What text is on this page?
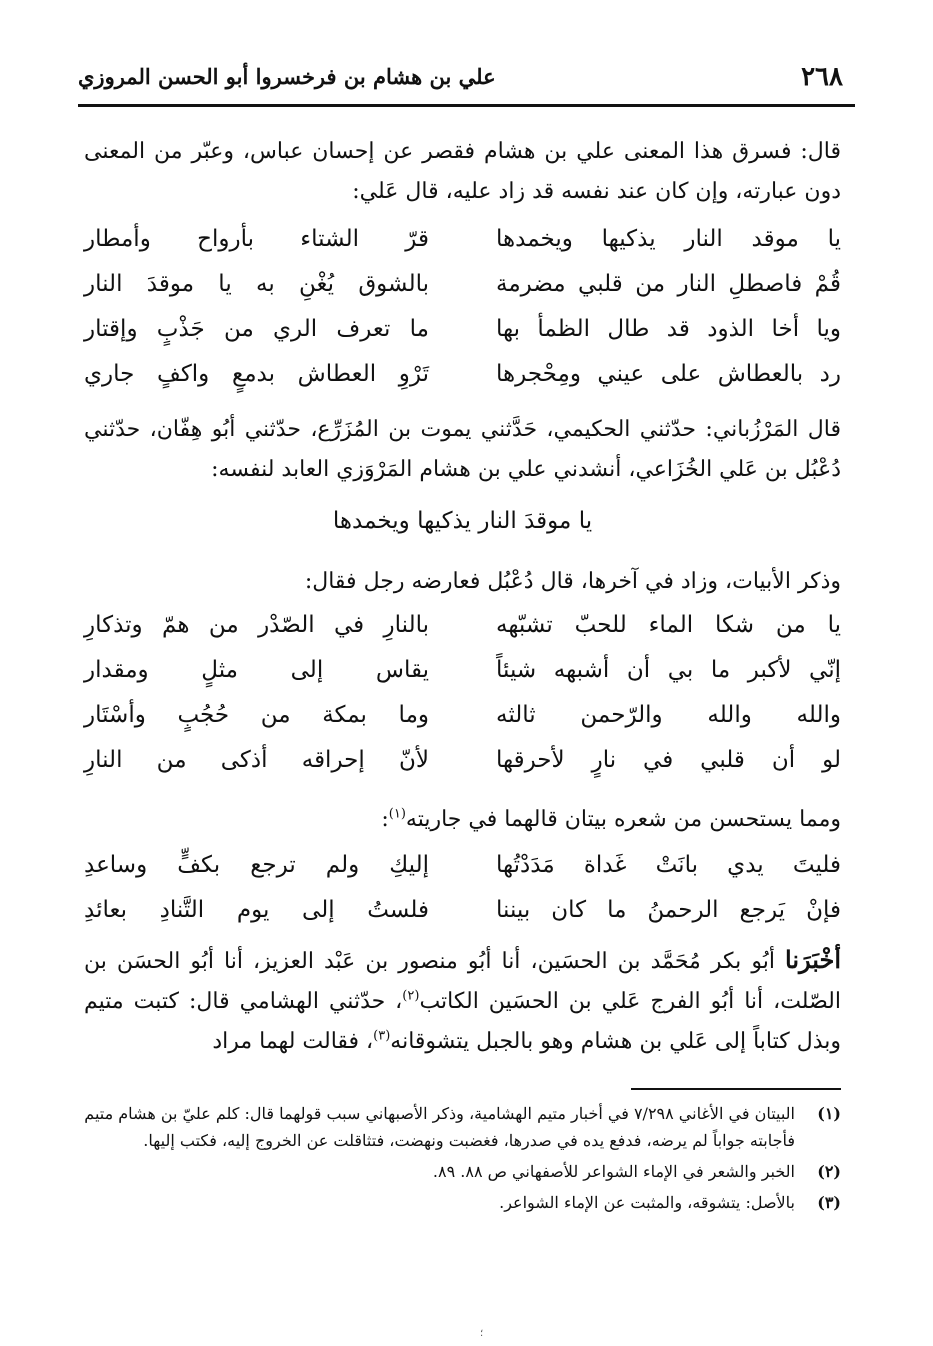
٢٦٨
علي بن هشام بن فرخسروا أبو الحسن المروزي

قال: فسرق هذا المعنى علي بن هشام فقصر عن إحسان عباس، وعبّر من المعنى دون عبارته، وإن كان عند نفسه قد زاد عليه، قال عَلي:

يا موقد النار يذكيها ويخمدها
قرّ الشتاء بأرواح وأمطار
قُمْ فاصطلِ النار من قلبي مضرمة
بالشوق يُغْنِ به يا موقدَ النار
ويا أخا الذود قد طال الظمأ بها
ما تعرف الري من جَذْبٍ وإقتار
رد بالعطاش على عيني ومِحْجرها
تَرْوِ العطاش بدمعٍ واكفٍ جاري

قال المَرْزُباني: حدّثني الحكيمي، حَدَّثني يموت بن المُزَرِّع، حدّثني أبُو هِفّان، حدّثني دُعْبُل بن عَلي الخُزَاعي، أنشدني علي بن هشام المَرْوَزي العابد لنفسه:

يا موقدَ النار يذكيها ويخمدها

وذكر الأبيات، وزاد في آخرها، قال دُعْبُل فعارضه رجل فقال:

يا من شكا الماء للحبّ تشبّهه
بالنارِ في الصّدْر من همّ وتذكارِ
إنّي لأكبر ما بي أن أشبهه شيئاً
يقاس إلى مثلٍ ومقدار
والله والله والرّحمن ثالثه
وما بمكة من حُجُبٍ وأسْتَار
لو أن قلبي في نارٍ لأحرقها
لأنّ إحراقه أذكى من النارِ

ومما يستحسن من شعره بيتان قالهما في جاريته$^{(١)}$:

فليتَ يدي بانَتْ غَداة مَدَدْتُها
إليكِ ولم ترجع بكفٍّ وساعدِ
فإنْ يَرجع الرحمنُ ما كان بيننا
فلستُ إلى يوم التَّنادِ بعائدِ

أخْبَرَنا أبُو بكر مُحَمَّد بن الحسَين، أنا أبُو منصور بن عَبْد العزيز، أنا أبُو الحسَن بن الصّلت، أنا أبُو الفرج عَلي بن الحسَين الكاتب$^{(٢)}$، حدّثني الهشامي قال: كتبت متيم وبذل كتاباً إلى عَلي بن هشام وهو بالجبل يتشوقانه$^{(٣)}$، فقالت لهما مراد

(١)
البيتان في الأغاني ٧/٢٩٨ في أخبار متيم الهشامية، وذكر الأصبهاني سبب قولهما قال: كلم عليّ بن هشام متيم فأجابته جواباً لم يرضه، فدفع يده في صدرها، فغضبت ونهضت، فتثاقلت عن الخروج إليه، فكتب إليها.
(٢)
الخبر والشعر في الإماء الشواعر للأصفهاني ص ٨٨. ٨٩.
(٣)
بالأصل: يتشوقه، والمثبت عن الإماء الشواعر.
؛
